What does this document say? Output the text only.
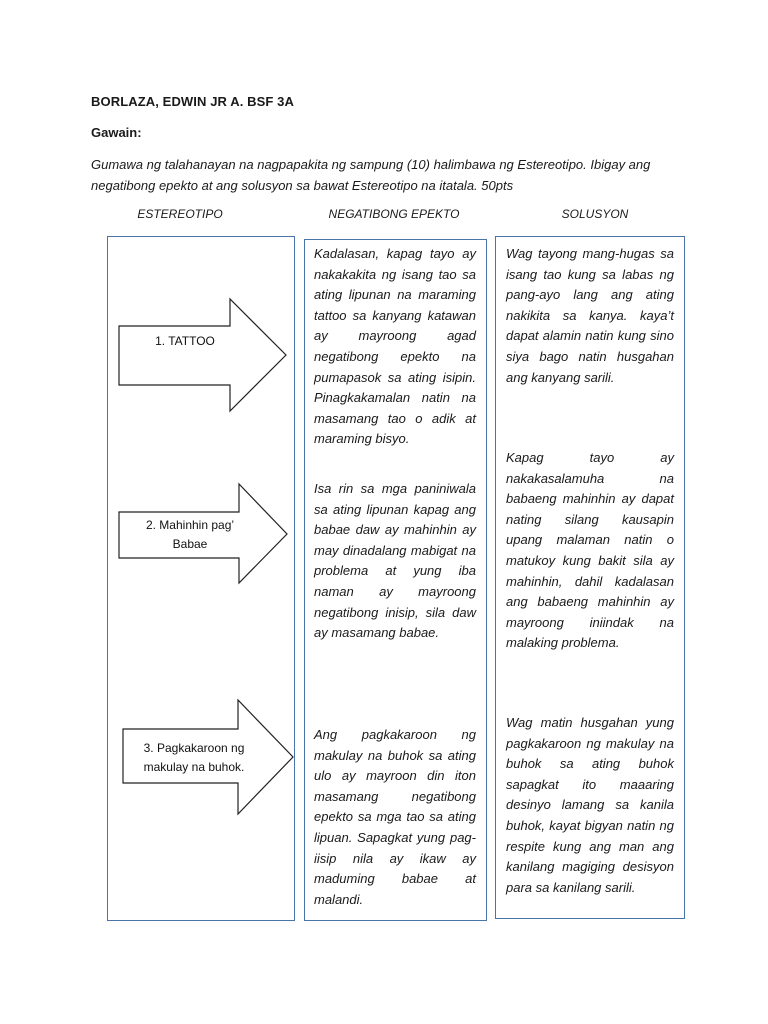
BORLAZA, EDWIN JR A. BSF 3A
Gawain:
Gumawa ng talahanayan na nagpapakita ng sampung (10) halimbawa ng Estereotipo. Ibigay ang negatibong epekto at ang solusyon sa bawat Estereotipo na itatala. 50pts
ESTEREOTIPO	NEGATIBONG EPEKTO	SOLUSYON
1. TATTOO
2. Mahinhin pag’
Babae
3. Pagkakaroon ng
makulay na buhok.
Kadalasan, kapag tayo ay nakakakita ng isang tao sa ating lipunan na maraming tattoo sa kanyang katawan ay mayroong agad negatibong epekto na pumapasok sa ating isipin. Pinagkakamalan natin na masamang tao o adik at maraming bisyo.
Isa rin sa mga paniniwala sa ating lipunan kapag ang babae daw ay mahinhin ay may dinadalang mabigat na problema at yung iba naman ay mayroong negatibong inisip, sila daw ay masamang babae.
Ang pagkakaroon ng makulay na buhok sa ating ulo ay mayroon din iton masamang negatibong epekto sa mga tao sa ating lipuan. Sapagkat yung pag-iisip nila ay ikaw ay maduming babae at malandi.
Wag tayong mang-hugas sa isang tao kung sa labas ng pang-ayo lang ang ating nakikita sa kanya. kaya’t dapat alamin natin kung sino siya bago natin husgahan ang kanyang sarili.
Kapag tayo ay nakakasalamuha na babaeng mahinhin ay dapat nating silang kausapin upang malaman natin o matukoy kung bakit sila ay mahinhin, dahil kadalasan ang babaeng mahinhin ay mayroong iniindak na malaking problema.
Wag matin husgahan yung pagkakaroon ng makulay na buhok sa ating buhok sapagkat ito maaaring desinyo lamang sa kanila buhok, kayat bigyan natin ng respite kung ang man ang kanilang magiging desisyon para sa kanilang sarili.
